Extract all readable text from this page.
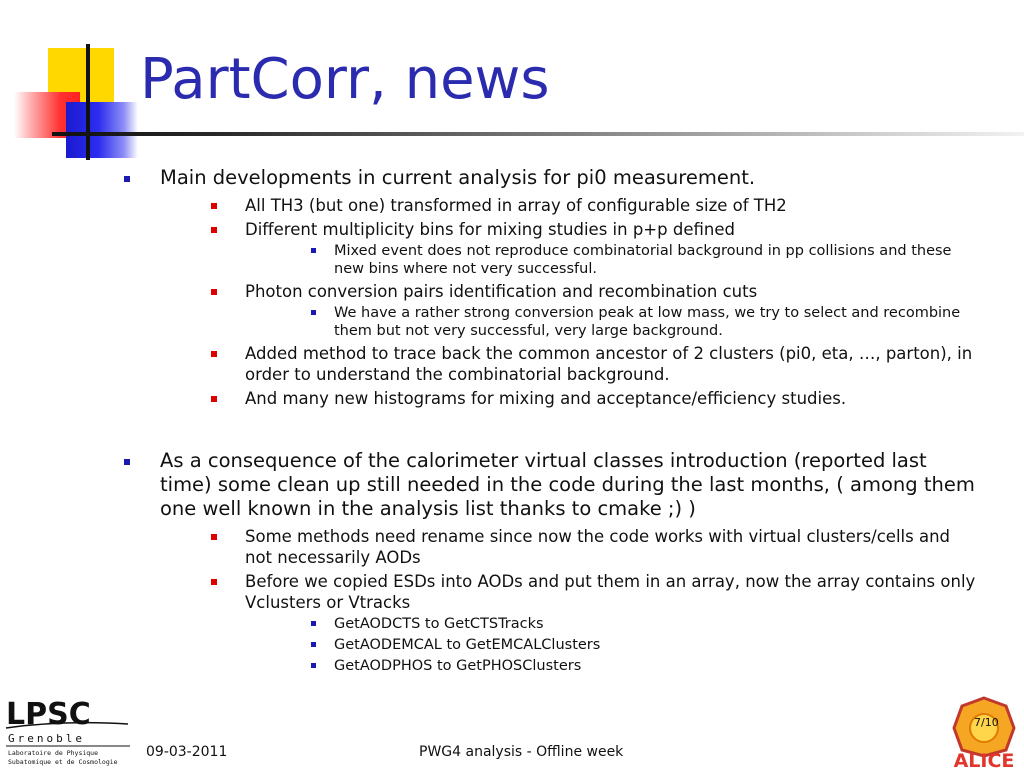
PartCorr, news
Main developments in current analysis for pi0 measurement.
All TH3 (but one) transformed in array of configurable size of TH2
Different multiplicity bins for mixing studies in p+p defined
Mixed event does not reproduce combinatorial background in pp collisions and these new bins where not very successful.
Photon conversion pairs identification and recombination cuts
We have a rather strong conversion peak at low mass, we try to select and recombine them but not very successful, very large background.
Added method to trace back the common ancestor of 2 clusters (pi0, eta, …, parton), in order to understand the combinatorial background.
And many new histograms for mixing and acceptance/efficiency studies.
As a consequence of the calorimeter virtual classes introduction (reported last time) some clean up still needed in the code during the last months, ( among them one well known in the analysis list thanks to cmake ;) )
Some methods need rename since now the code works with virtual clusters/cells and not necessarily AODs
Before we copied ESDs into AODs and put them in an array, now the array contains only Vclusters or Vtracks
GetAODCTS to GetCTSTracks
GetAODEMCAL to GetEMCALClusters
GetAODPHOS to GetPHOSClusters
LPSC
Grenoble
Laboratoire de Physique
Subatomique et de Cosmologie	ALICE
7/10
09-03-2011	PWG4 analysis - Offline week
